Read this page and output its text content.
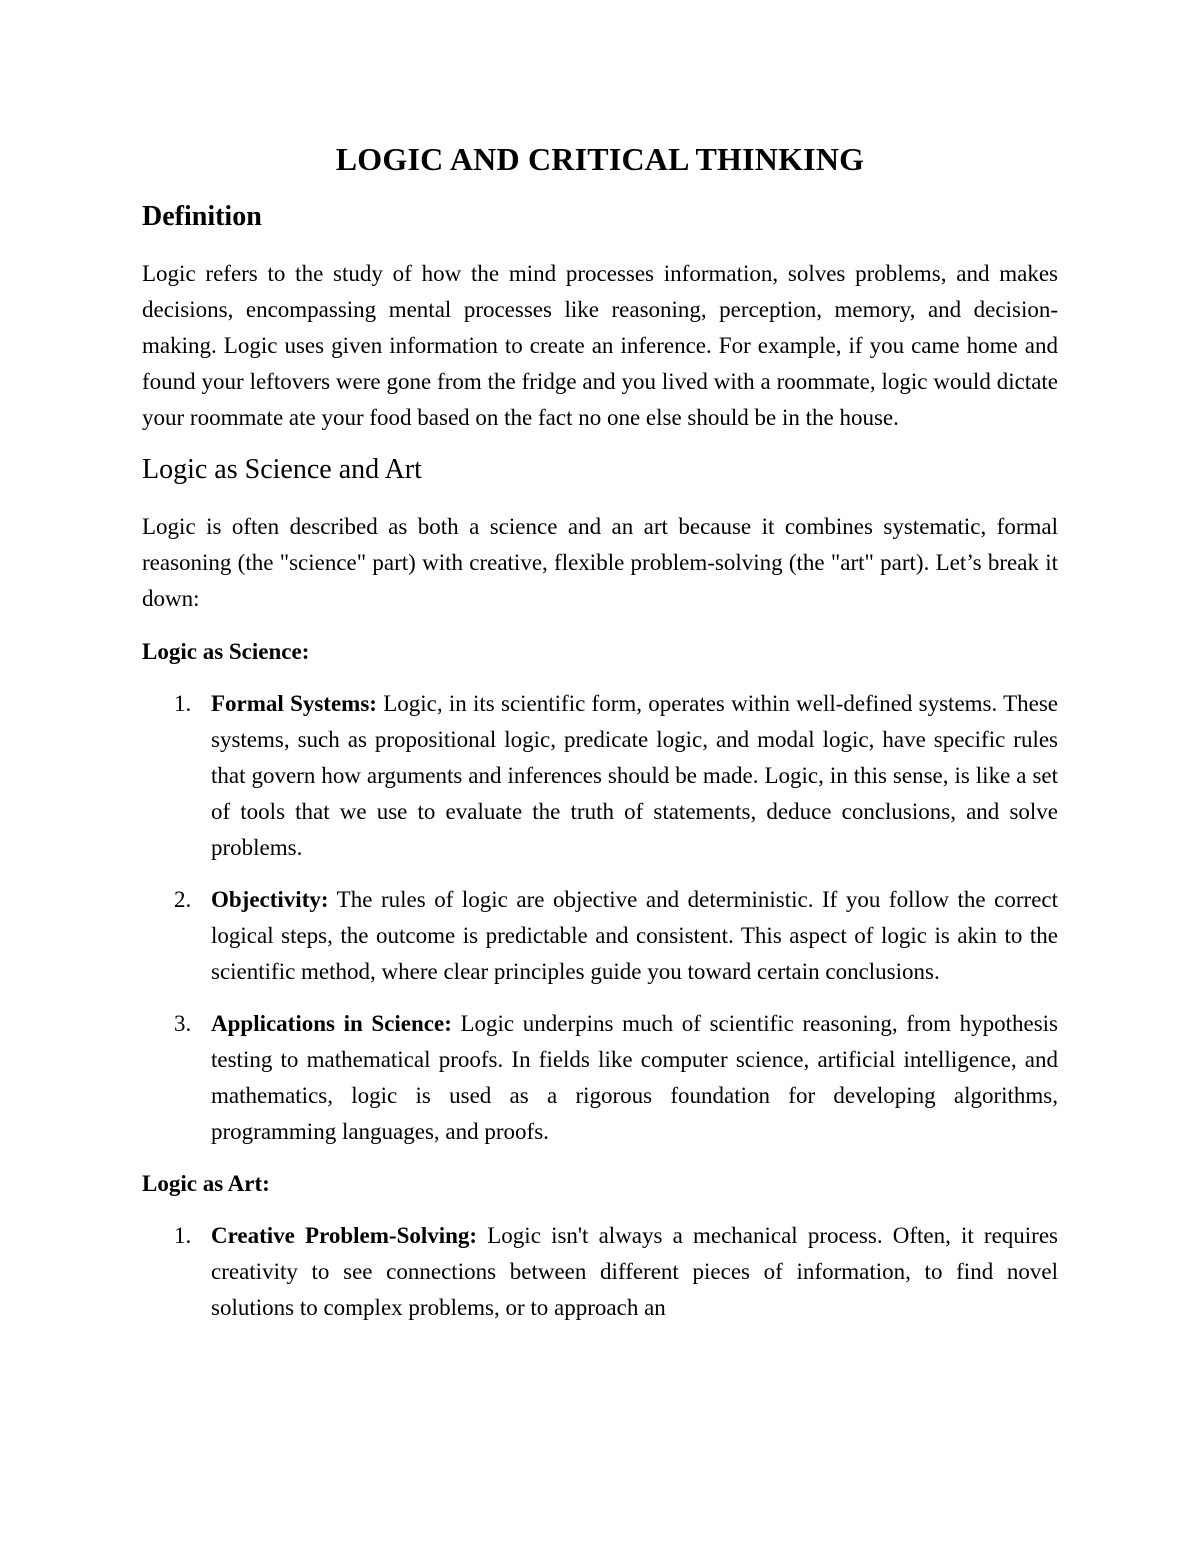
LOGIC AND CRITICAL THINKING
Definition

Logic refers to the study of how the mind processes information, solves problems, and makes decisions, encompassing mental processes like reasoning, perception, memory, and decision-making. Logic uses given information to create an inference. For example, if you came home and found your leftovers were gone from the fridge and you lived with a roommate, logic would dictate your roommate ate your food based on the fact no one else should be in the house.

Logic as Science and Art

Logic is often described as both a science and an art because it combines systematic, formal reasoning (the "science" part) with creative, flexible problem-solving (the "art" part). Let’s break it down:

Logic as Science:
1. Formal Systems: Logic, in its scientific form, operates within well-defined systems. These systems, such as propositional logic, predicate logic, and modal logic, have specific rules that govern how arguments and inferences should be made. Logic, in this sense, is like a set of tools that we use to evaluate the truth of statements, deduce conclusions, and solve problems.
2. Objectivity: The rules of logic are objective and deterministic. If you follow the correct logical steps, the outcome is predictable and consistent. This aspect of logic is akin to the scientific method, where clear principles guide you toward certain conclusions.
3. Applications in Science: Logic underpins much of scientific reasoning, from hypothesis testing to mathematical proofs. In fields like computer science, artificial intelligence, and mathematics, logic is used as a rigorous foundation for developing algorithms, programming languages, and proofs.
Logic as Art:
1. Creative Problem-Solving: Logic isn't always a mechanical process. Often, it requires creativity to see connections between different pieces of information, to find novel solutions to complex problems, or to approach an
